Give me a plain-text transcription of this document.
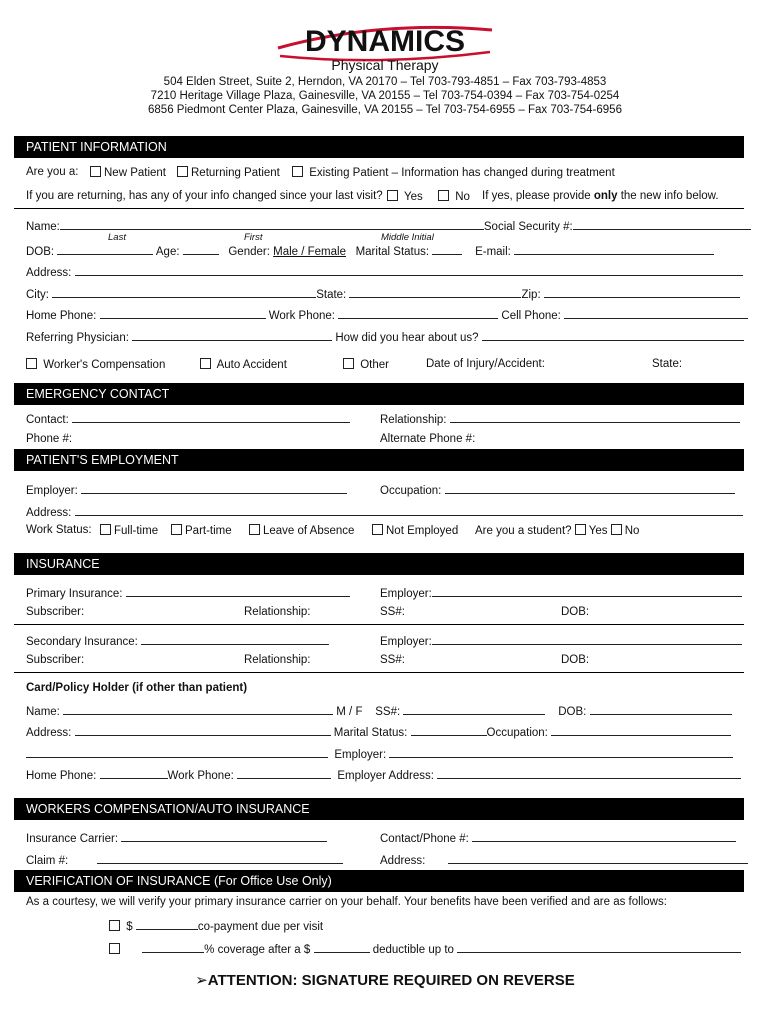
DYNAMICS
Physical Therapy
504 Elden Street, Suite 2, Herndon, VA 20170 – Tel 703-793-4851 – Fax 703-793-4853
7210 Heritage Village Plaza, Gainesville, VA 20155 – Tel 703-754-0394 – Fax 703-754-0254
6856 Piedmont Center Plaza, Gainesville, VA 20155 – Tel 703-754-6955 – Fax 703-754-6956
PATIENT INFORMATION
Are you a:	New Patient	Returning Patient	Existing Patient – Information has changed during treatment
If you are returning, has any of your info changed since your last visit?	Yes	No If yes, please provide only the new info below.
Name:	Social Security #:
Last	First	Middle Initial
DOB:	Age:	Gender: Male / Female Marital Status:	E-mail:
Address:
City:	State:	Zip:
Home Phone:	Work Phone:	Cell Phone:
Referring Physician:	How did you hear about us?
Worker's Compensation	Auto Accident	Other	Date of Injury/Accident:	State:
EMERGENCY CONTACT
Contact:	Relationship:
Phone #:	Alternate Phone #:
PATIENT'S EMPLOYMENT
Employer:	Occupation:
Address:
Work Status:	Full-time	Part-time	Leave of Absence	Not Employed Are you a student? Yes No
INSURANCE
Primary Insurance:	Employer:
Subscriber:	Relationship:	SS#:	DOB:
Secondary Insurance:	Employer:
Subscriber:	Relationship:	SS#:	DOB:
Card/Policy Holder (if other than patient)
Name:	M / F SS#:	DOB:
Address:	Marital Status:	Occupation:
Employer:
Home Phone:	Work Phone:	Employer Address:
WORKERS COMPENSATION/AUTO INSURANCE
Insurance Carrier:	Contact/Phone #:
Claim #:	Address:
VERIFICATION OF INSURANCE (For Office Use Only)
As a courtesy, we will verify your primary insurance carrier on your behalf. Your benefits have been verified and are as follows:
$	co-payment due per visit
% coverage after a $	deductible up to
➢ATTENTION: SIGNATURE REQUIRED ON REVERSE
